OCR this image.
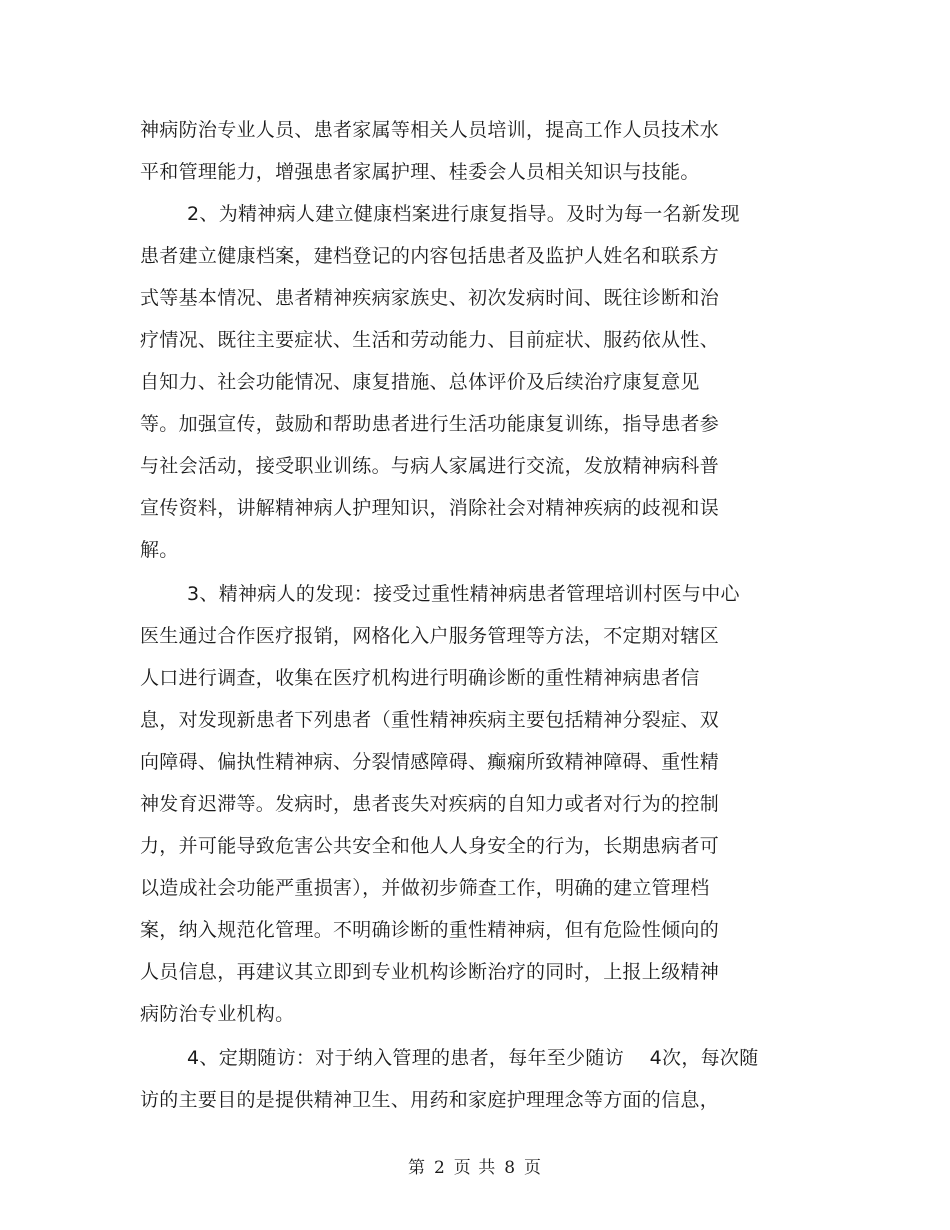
神病防治专业人员、患者家属等相关人员培训，提高工作人员技术水
平和管理能力，增强患者家属护理、桂委会人员相关知识与技能。
2、为精神病人建立健康档案进行康复指导。及时为每一名新发现
患者建立健康档案，建档登记的内容包括患者及监护人姓名和联系方
式等基本情况、患者精神疾病家族史、初次发病时间、既往诊断和治
疗情况、既往主要症状、生活和劳动能力、目前症状、服药依从性、
自知力、社会功能情况、康复措施、总体评价及后续治疗康复意见
等。加强宣传，鼓励和帮助患者进行生活功能康复训练，指导患者参
与社会活动，接受职业训练。与病人家属进行交流，发放精神病科普
宣传资料，讲解精神病人护理知识，消除社会对精神疾病的歧视和误
解。
3、精神病人的发现：接受过重性精神病患者管理培训村医与中心
医生通过合作医疗报销，网格化入户服务管理等方法，不定期对辖区
人口进行调查，收集在医疗机构进行明确诊断的重性精神病患者信
息，对发现新患者下列患者（重性精神疾病主要包括精神分裂症、双
向障碍、偏执性精神病、分裂情感障碍、癫痫所致精神障碍、重性精
神发育迟滞等。发病时，患者丧失对疾病的自知力或者对行为的控制
力，并可能导致危害公共安全和他人人身安全的行为，长期患病者可
以造成社会功能严重损害），并做初步筛查工作，明确的建立管理档
案，纳入规范化管理。不明确诊断的重性精神病，但有危险性倾向的
人员信息，再建议其立即到专业机构诊断治疗的同时，上报上级精神
病防治专业机构。
4、定期随访：对于纳入管理的患者，每年至少随访　 4次，每次随
访的主要目的是提供精神卫生、用药和家庭护理理念等方面的信息，
第 2 页 共 8 页
